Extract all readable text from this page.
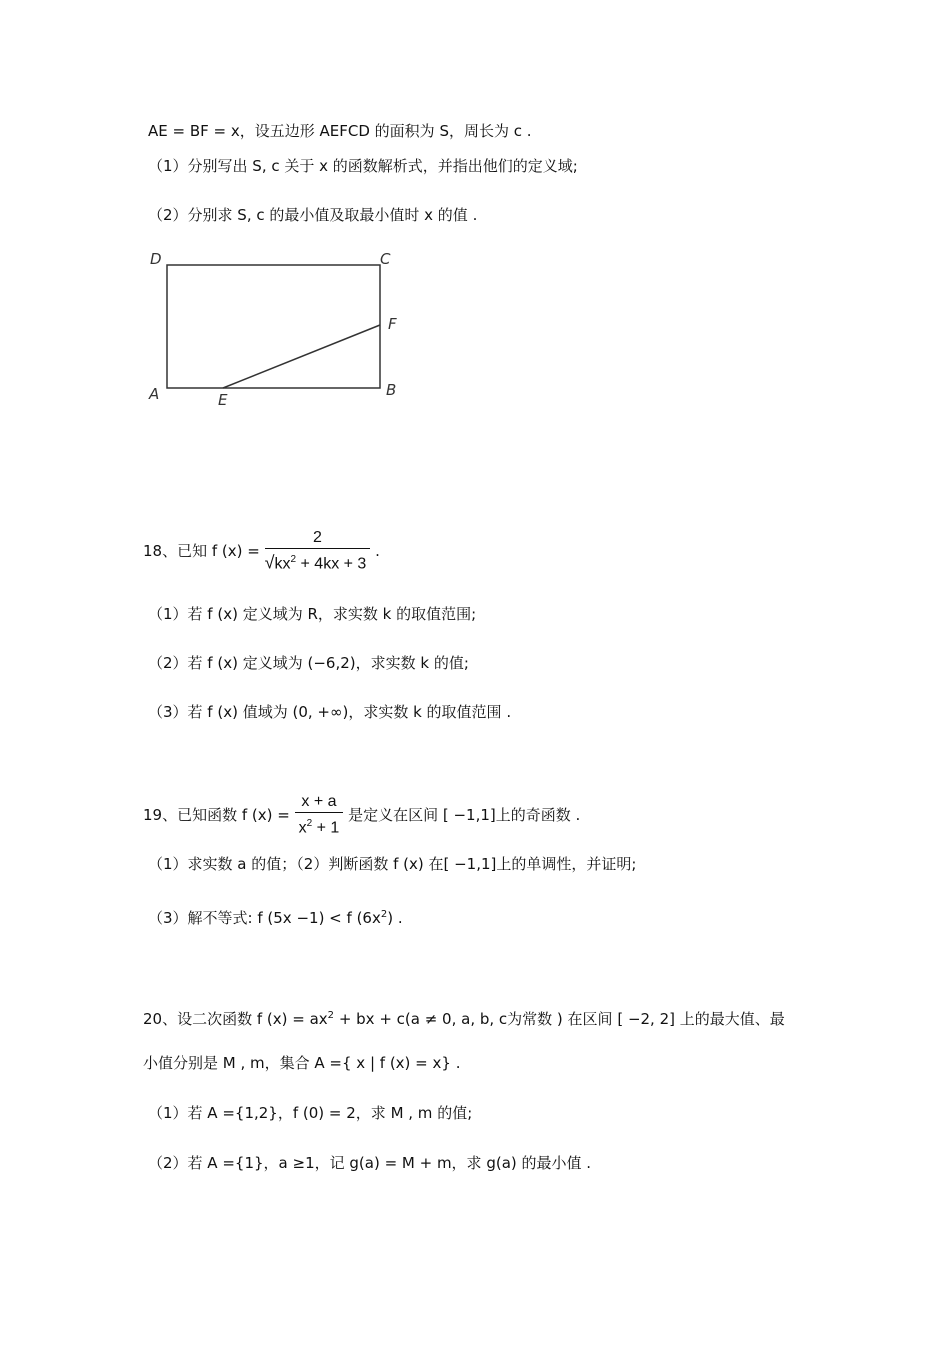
AE = BF = x，设五边形 AEFCD 的面积为 S，周长为 c .
（1）分别写出 S, c 关于 x 的函数解析式，并指出他们的定义域;
（2）分别求 S, c 的最小值及取最小值时 x 的值 .
D	C
F
A	E
B
18、已知 f $(x) = \frac{2}{√kx^2 + 4kx + 3}$ .
（1）若 f (x) 定义域为 R，求实数 k 的取值范围;
（2）若 f (x) 定义域为 (−6,2)，求实数 k 的值;
（3）若 f (x) 值域为 (0, +∞)，求实数 k 的取值范围 .
19、已知函数 f $(x) = \frac{x + a}{x^2 + 1}$ 是定义在区间 [ −1,1]上的奇函数 .
（1）求实数 a 的值；（2）判断函数 f (x) 在[ −1,1]上的单调性，并证明;
（3）解不等式: f (5x −1) < f $(6x^2)$ .
20、设二次函数 f $(x) = ax^2$ + bx + c(a ≠ 0, a, b, c为常数 ) 在区间 [ −2, 2] 上的最大值、最
小值分别是 M , m，集合 A ={ x | f (x) = x} .
（1）若 A ={1,2}，f (0) = 2，求 M , m 的值;
（2）若 A ={1}，a ≥1，记 g(a) = M + m，求 g(a) 的最小值 .
